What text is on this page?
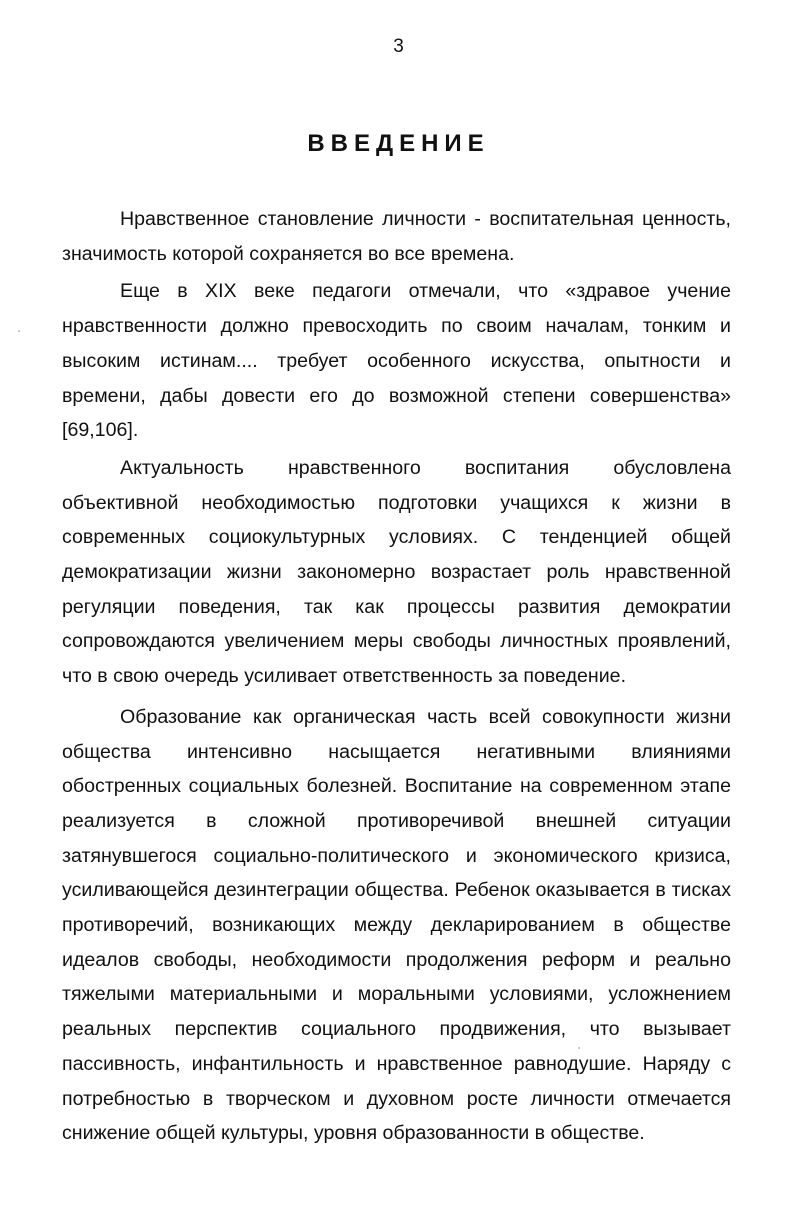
3
ВВЕДЕНИЕ

Нравственное становление личности - воспитательная ценность, значимость которой сохраняется во все времена.

Еще в XIX веке педагоги отмечали, что «здравое учение нравственности должно превосходить по своим началам, тонким и высоким истинам.... требует особенного искусства, опытности и времени, дабы довести его до возможной степени совершенства» [69,106].

Актуальность нравственного воспитания обусловлена объективной необходимостью подготовки учащихся к жизни в современных социокультурных условиях. С тенденцией общей демократизации жизни закономерно возрастает роль нравственной регуляции поведения, так как процессы развития демократии сопровождаются увеличением меры свободы личностных проявлений, что в свою очередь усиливает ответственность за поведение.

Образование как органическая часть всей совокупности жизни общества интенсивно насыщается негативными влияниями обостренных социальных болезней. Воспитание на современном этапе реализуется в сложной противоречивой внешней ситуации затянувшегося социально-политического и экономического кризиса, усиливающейся дезинтеграции общества. Ребенок оказывается в тисках противоречий, возникающих между декларированием в обществе идеалов свободы, необходимости продолжения реформ и реально тяжелыми материальными и моральными условиями, усложнением реальных перспектив социального продвижения, что вызывает пассивность, инфантильность и нравственное равнодушие. Наряду с потребностью в творческом и духовном росте личности отмечается снижение общей культуры, уровня образованности в обществе.
